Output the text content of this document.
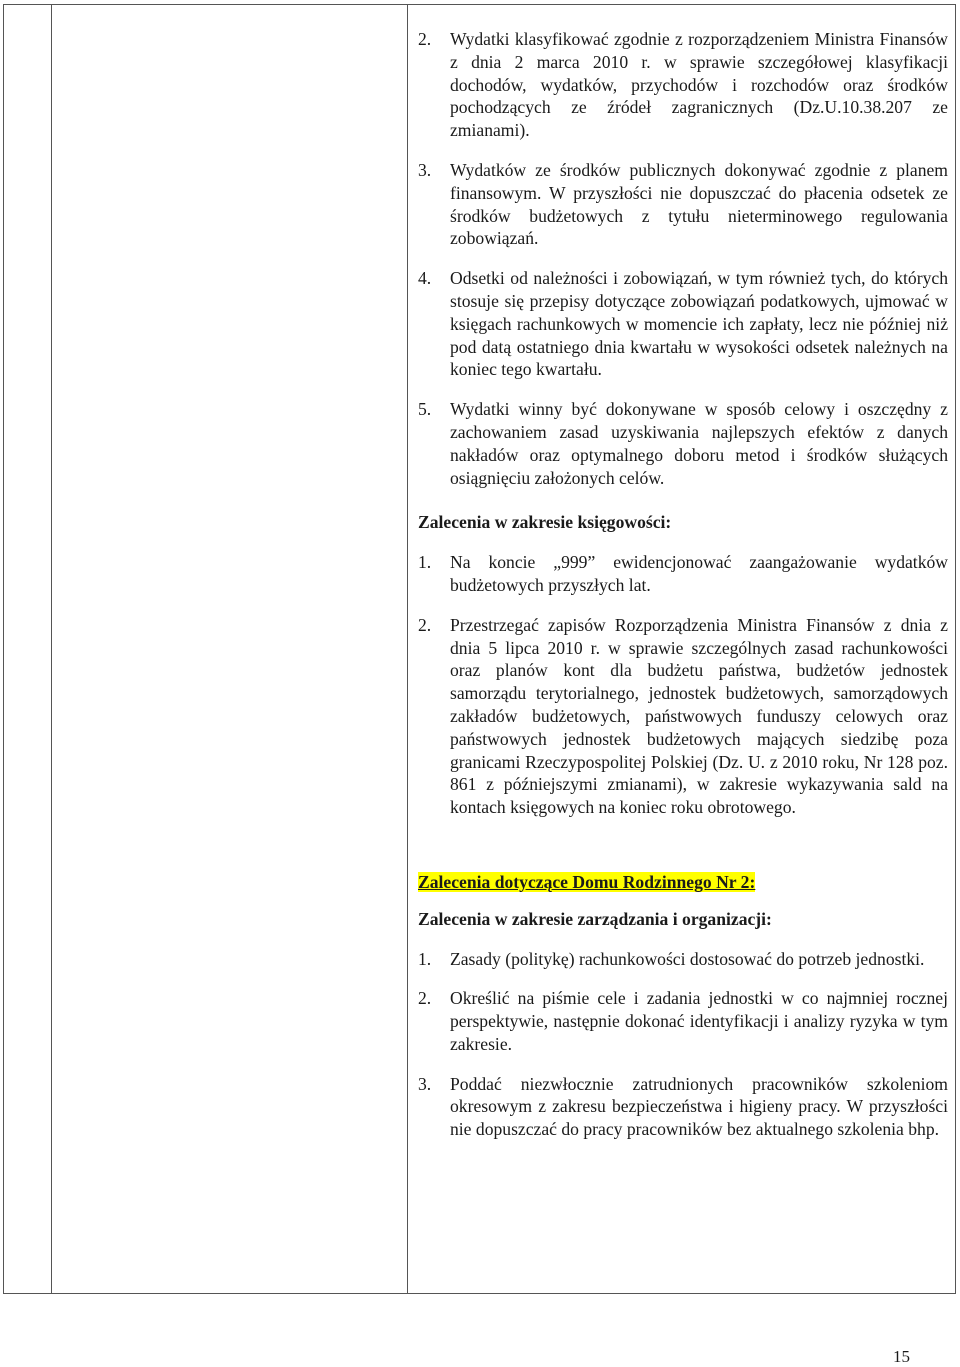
2.	Wydatki klasyfikować zgodnie z rozporządzeniem Ministra Finansów z dnia 2 marca 2010 r. w sprawie szczegółowej klasyfikacji dochodów, wydatków, przychodów i rozchodów oraz środków pochodzących ze źródeł zagranicznych (Dz.U.10.38.207 ze zmianami).
3.	Wydatków ze środków publicznych dokonywać zgodnie z planem finansowym. W przyszłości nie dopuszczać do płacenia odsetek ze środków budżetowych z tytułu nieterminowego regulowania zobowiązań.
4.	Odsetki od należności i zobowiązań, w tym również tych, do których stosuje się przepisy dotyczące zobowiązań podatkowych, ujmować w księgach rachunkowych w momencie ich zapłaty, lecz nie później niż pod datą ostatniego dnia kwartału w wysokości odsetek należnych na koniec tego kwartału.
5.	Wydatki winny być dokonywane w sposób celowy i oszczędny z zachowaniem zasad uzyskiwania najlepszych efektów z danych nakładów oraz optymalnego doboru metod i środków służących osiągnięciu założonych celów.
Zalecenia w zakresie księgowości:
1.	Na koncie „999” ewidencjonować zaangażowanie wydatków budżetowych przyszłych lat.
2.	Przestrzegać zapisów Rozporządzenia Ministra Finansów z dnia z dnia 5 lipca 2010 r. w sprawie szczególnych zasad rachunkowości oraz planów kont dla budżetu państwa, budżetów jednostek samorządu terytorialnego, jednostek budżetowych, samorządowych zakładów budżetowych, państwowych funduszy celowych oraz państwowych jednostek budżetowych mających siedzibę poza granicami Rzeczypospolitej Polskiej (Dz. U. z 2010 roku, Nr 128 poz. 861 z późniejszymi zmianami), w zakresie wykazywania sald na kontach księgowych na koniec roku obrotowego.
Zalecenia dotyczące Domu Rodzinnego Nr 2:
Zalecenia w zakresie zarządzania i organizacji:
1.	Zasady (politykę) rachunkowości dostosować do potrzeb jednostki.
2.	Określić na piśmie cele i zadania jednostki w co najmniej rocznej perspektywie, następnie dokonać identyfikacji i analizy ryzyka w tym zakresie.
3.	Poddać niezwłocznie zatrudnionych pracowników szkoleniom okresowym z zakresu bezpieczeństwa i higieny pracy. W przyszłości nie dopuszczać do pracy pracowników bez aktualnego szkolenia bhp.
15
